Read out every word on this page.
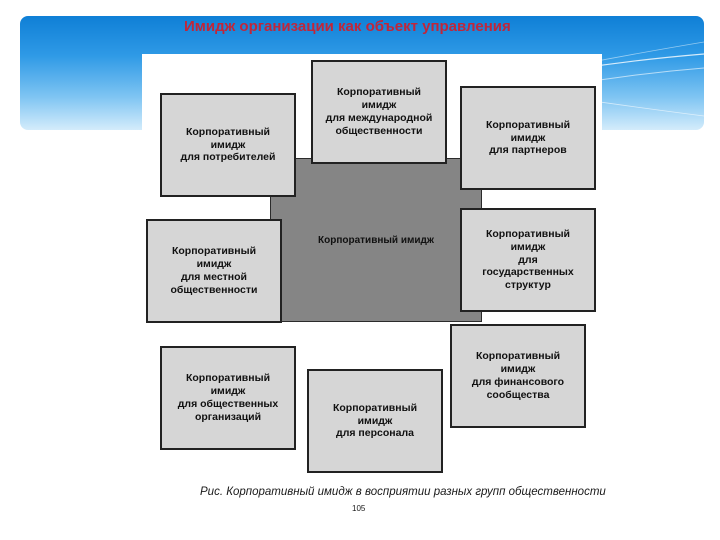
Имидж организации как объект управления
Корпоративный имидж
Корпоративный
имидж
для международной
общественности
Корпоративный
имидж
для потребителей
Корпоративный
имидж
для партнеров
Корпоративный
имидж
для местной
общественности
Корпоративный
имидж
для
государственных
структур
Корпоративный
имидж
для общественных
организаций
Корпоративный
имидж
для финансового
сообщества
Корпоративный
имидж
для персонала
Рис. Корпоративный имидж в восприятии разных групп общественности
105
